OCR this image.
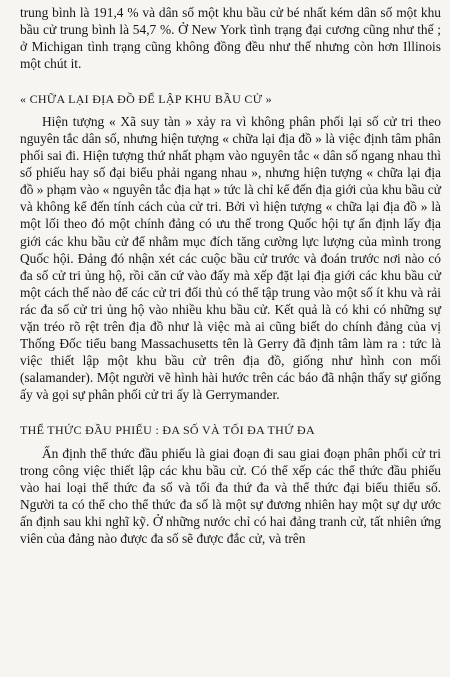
trung bình là 191,4 % và dân số một khu bầu cử bé nhất kém dân số một khu bầu cử trung bình là 54,7 %. Ở New York tình trạng đại cương cũng như thế ; ở Michigan tình trạng cũng không đồng đều như thế nhưng còn hơn Illinois một chút it.

« CHỮA LẠI ĐỊA ĐỒ ĐỂ LẬP KHU BẦU CỬ »

Hiện tượng « Xã suy tàn » xảy ra vì không phân phối lại số cử tri theo nguyên tắc dân số, nhưng hiện tượng « chữa lại địa đồ » là việc định tâm phân phối sai đi. Hiện tượng thứ nhất phạm vào nguyên tắc « dân số ngang nhau thì số phiếu hay số đại biểu phải ngang nhau », nhưng hiện tượng « chữa lại địa đồ » phạm vào « nguyên tắc địa hạt » tức là chỉ kể đến địa giới của khu bầu cử và không kể đến tính cách của cử tri. Bởi vì hiện tượng « chữa lại địa đồ » là một lối theo đó một chính đảng có ưu thế trong Quốc hội tự ấn định lấy địa giới các khu bầu cử để nhằm mục đích tăng cường lực lượng của mình trong Quốc hội. Đảng đó nhận xét các cuộc bầu cử trước và đoán trước nơi nào có đa số cử tri ủng hộ, rồi căn cứ vào đấy mà xếp đặt lại địa giới các khu bầu cử một cách thế nào để các cử tri đối thủ có thể tập trung vào một số ít khu và rải rác đa số cử tri ủng hộ vào nhiều khu bầu cử. Kết quả là có khi có những sự vặn tréo rõ rệt trên địa đồ như là việc mà ai cũng biết do chính đảng của vị Thống Đốc tiểu bang Massachusetts tên là Gerry đã định tâm làm ra : tức là việc thiết lập một khu bầu cử trên địa đồ, giống như hình con mối (salamander). Một người vẽ hình hài hước trên các báo đã nhận thấy sự giống ấy và gọi sự phân phối cử tri ấy là Gerrymander.

THỂ THỨC ĐẦU PHIẾU : ĐA SỐ VÀ TỐI ĐA THỨ ĐA

Ấn định thể thức đầu phiếu là giai đoạn đi sau giai đoạn phân phối cử tri trong công việc thiết lập các khu bầu cử. Có thể xếp các thể thức đầu phiếu vào hai loại thể thức đa số và tối đa thứ đa và thể thức đại biểu thiểu số. Người ta có thể cho thể thức đa số là một sự đương nhiên hay một sự dự ước ấn định sau khi nghĩ kỹ. Ở những nước chỉ có hai đảng tranh cử, tất nhiên ứng viên của đảng nào được đa số sẽ được đắc cử, và trên
